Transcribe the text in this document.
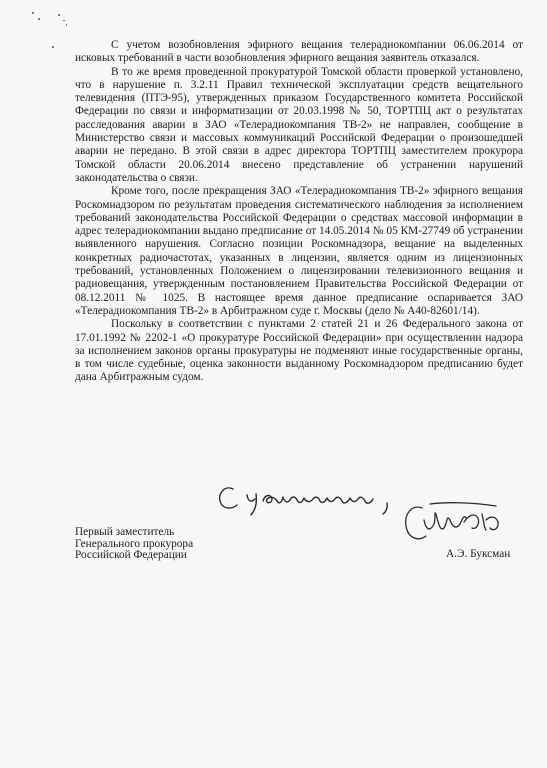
С учетом возобновления эфирного вещания телерадиокомпании 06.06.2014 от исковых требований в части возобновления эфирного вещания заявитель отказался.

В то же время проведенной прокуратурой Томской области проверкой установлено, что в нарушение п. 3.2.11 Правил технической эксплуатации средств вещательного телевидения (ПТЭ-95), утвержденных приказом Государственного комитета Российской Федерации по связи и информатизации от 20.03.1998 № 50, ТОРТПЦ акт о результатах расследования аварии в ЗАО «Телерадиокомпания ТВ-2» не направлен, сообщение в Министерство связи и массовых коммуникаций Российской Федерации о произошедшей аварии не передано. В этой связи в адрес директора ТОРТПЦ заместителем прокурора Томской области 20.06.2014 внесено представление об устранении нарушений законодательства о связи.

Кроме того, после прекращения ЗАО «Телерадиокомпания ТВ-2» эфирного вещания Роскомнадзором по результатам проведения систематического наблюдения за исполнением требований законодательства Российской Федерации о средствах массовой информации в адрес телерадиокомпании выдано предписание от 14.05.2014 № 05 КМ-27749 об устранении выявленного нарушения. Согласно позиции Роскомнадзора, вещание на выделенных конкретных радиочастотах, указанных в лицензии, является одним из лицензионных требований, установленных Положением о лицензировании телевизионного вещания и радиовещания, утвержденным постановлением Правительства Российской Федерации от 08.12.2011 № 1025. В настоящее время данное предписание оспаривается ЗАО «Телерадиокомпания ТВ-2» в Арбитражном суде г. Москвы (дело № А40-82601/14).

Поскольку в соответствии с пунктами 2 статей 21 и 26 Федерального закона от 17.01.1992 № 2202-1 «О прокуратуре Российской Федерации» при осуществлении надзора за исполнением законов органы прокуратуры не подменяют иные государственные органы, в том числе судебные, оценка законности выданному Роскомнадзором предписанию будет дана Арбитражным судом.

Первый заместитель
Генерального прокурора
Российской Федерации	А.Э. Буксман
